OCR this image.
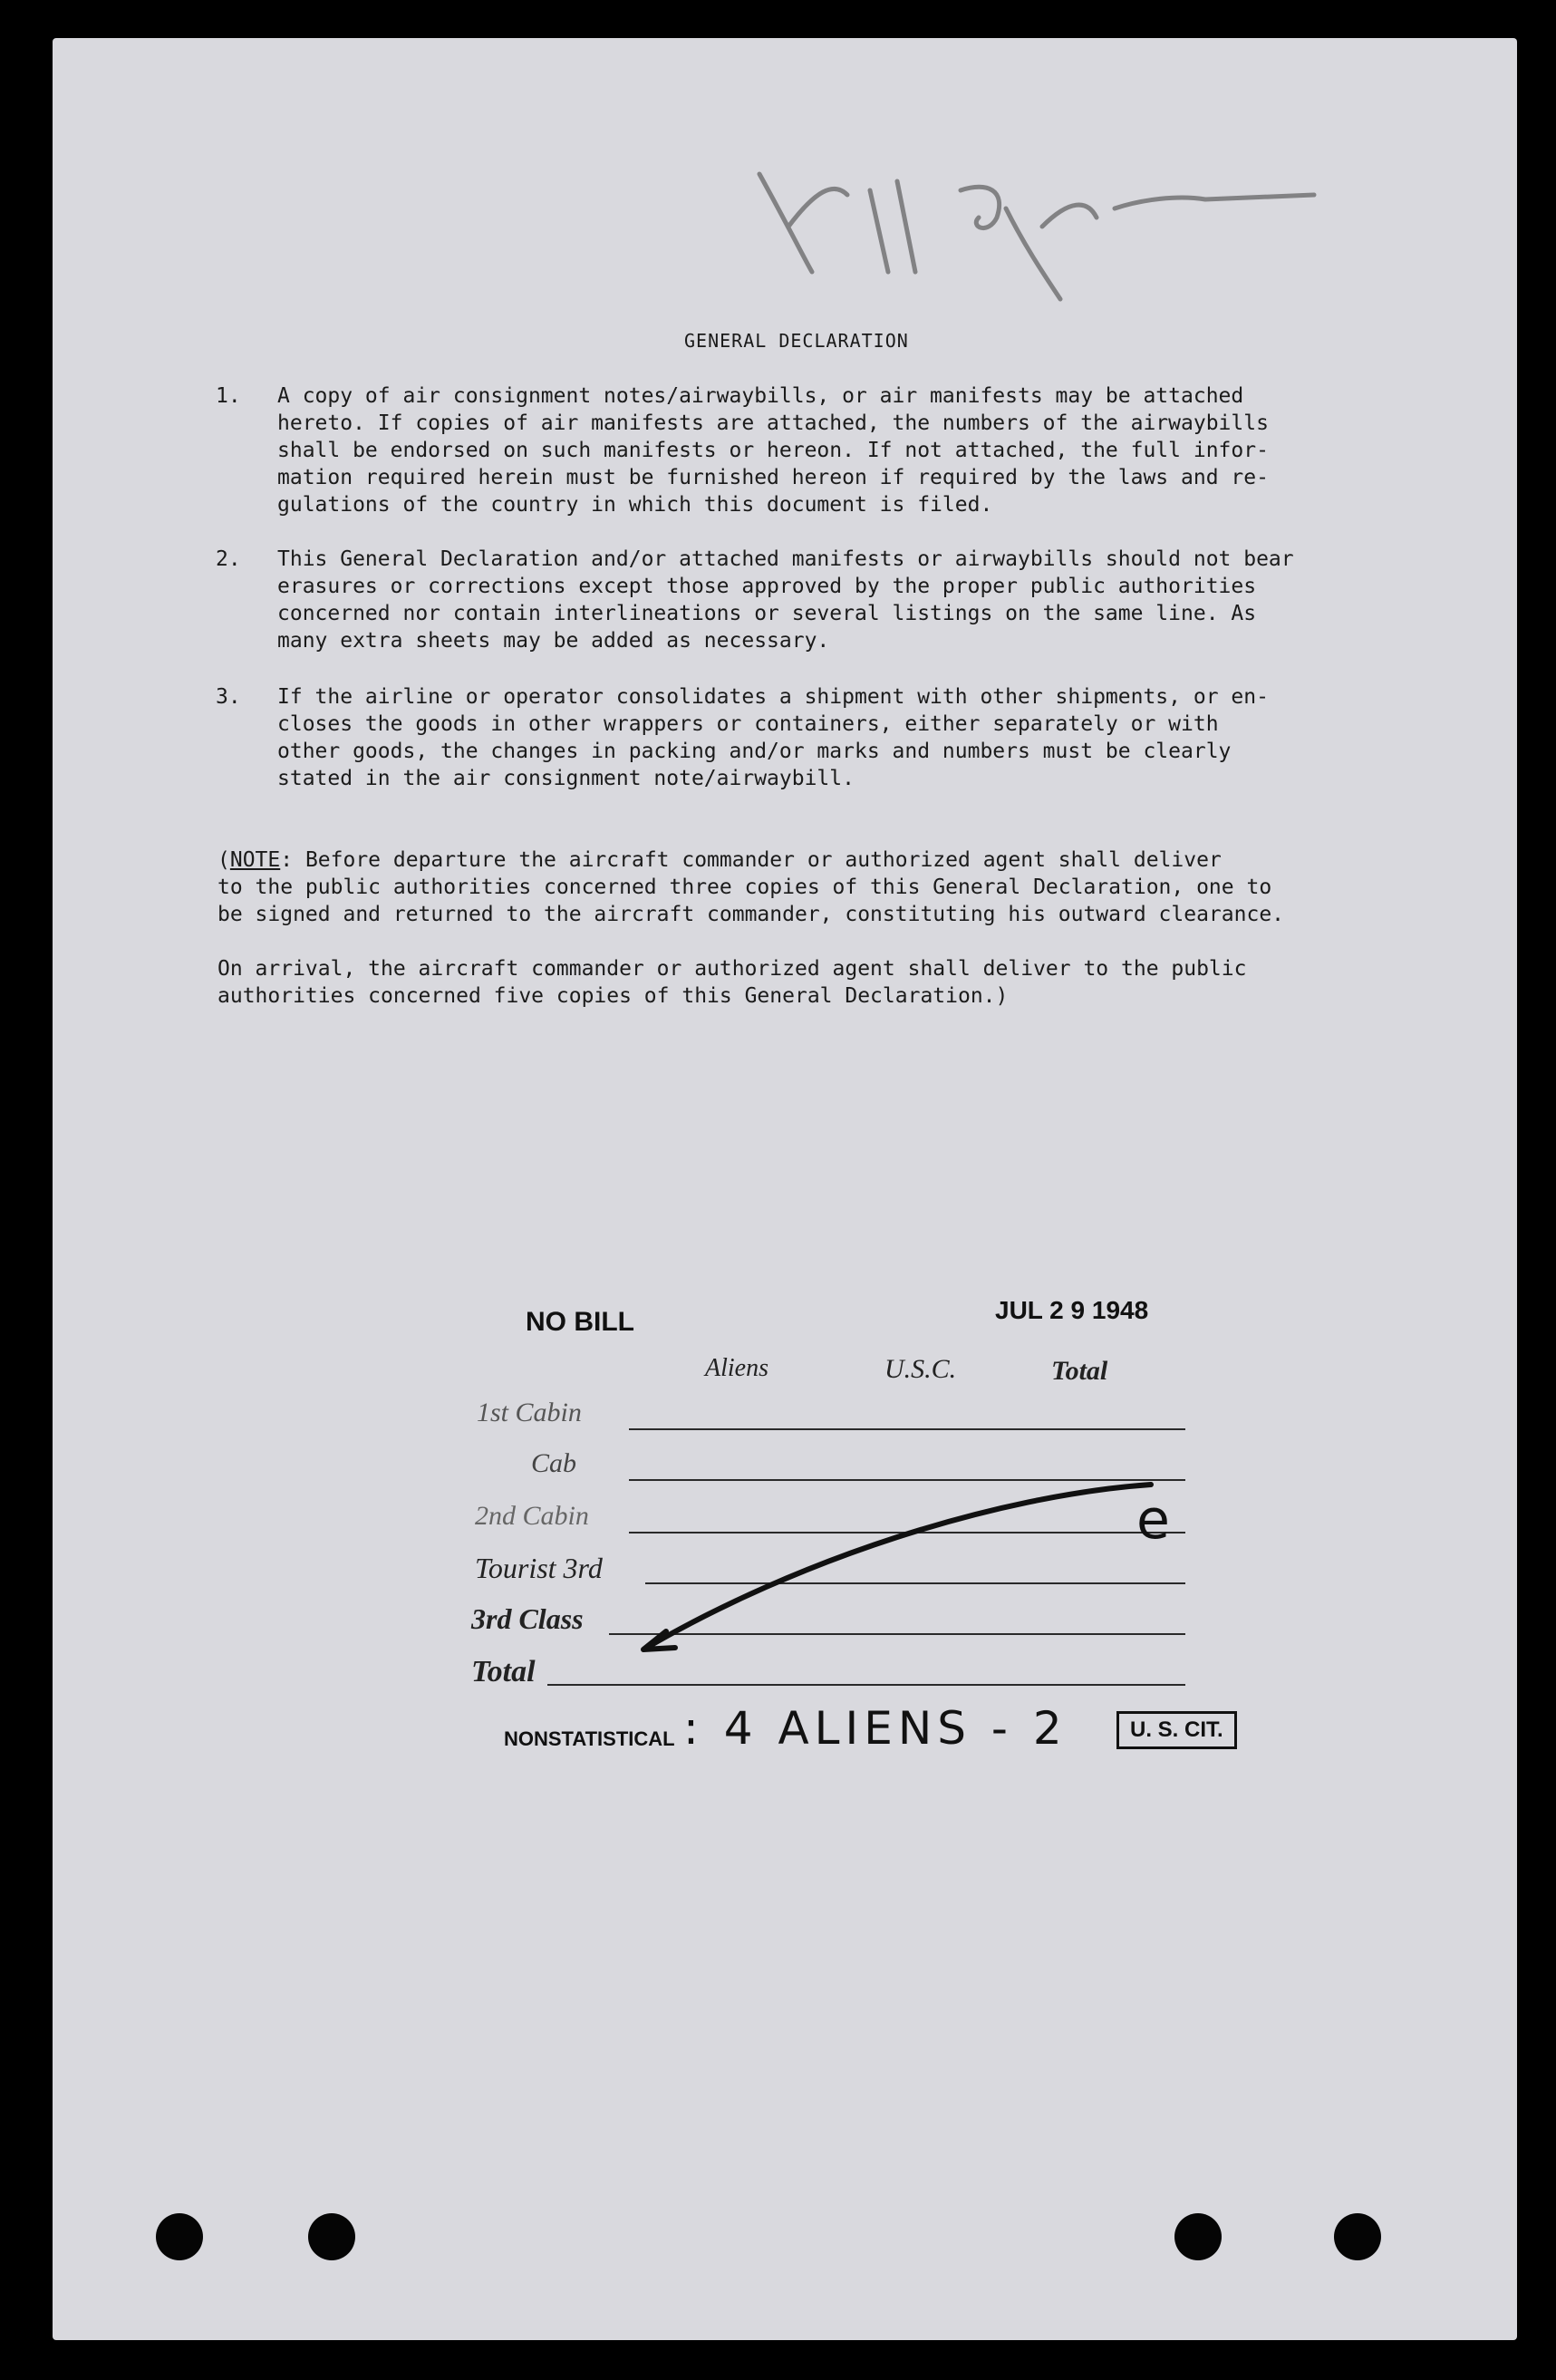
GENERAL DECLARATION

1. A copy of air consignment notes/airwaybills, or air manifests may be attached
hereto. If copies of air manifests are attached, the numbers of the airwaybills
shall be endorsed on such manifests or hereon. If not attached, the full infor-
mation required herein must be furnished hereon if required by the laws and re-
gulations of the country in which this document is filed.

2. This General Declaration and/or attached manifests or airwaybills should not bear
erasures or corrections except those approved by the proper public authorities
concerned nor contain interlineations or several listings on the same line. As
many extra sheets may be added as necessary.

3. If the airline or operator consolidates a shipment with other shipments, or en-
closes the goods in other wrappers or containers, either separately or with
other goods, the changes in packing and/or marks and numbers must be clearly
stated in the air consignment note/airwaybill.

(NOTE: Before departure the aircraft commander or authorized agent shall deliver
to the public authorities concerned three copies of this General Declaration, one to
be signed and returned to the aircraft commander, constituting his outward clearance.
On arrival, the aircraft commander or authorized agent shall deliver to the public
authorities concerned five copies of this General Declaration.)
NO BILL	JUL 2 9 1948
Aliens	U.S.C.	Total
1st Cabin
Cab
2nd Cabin
Tourist 3rd
3rd Class
Total
NONSTATISTICAL : 4 ALIENS - 2	U. S. CIT.
e
